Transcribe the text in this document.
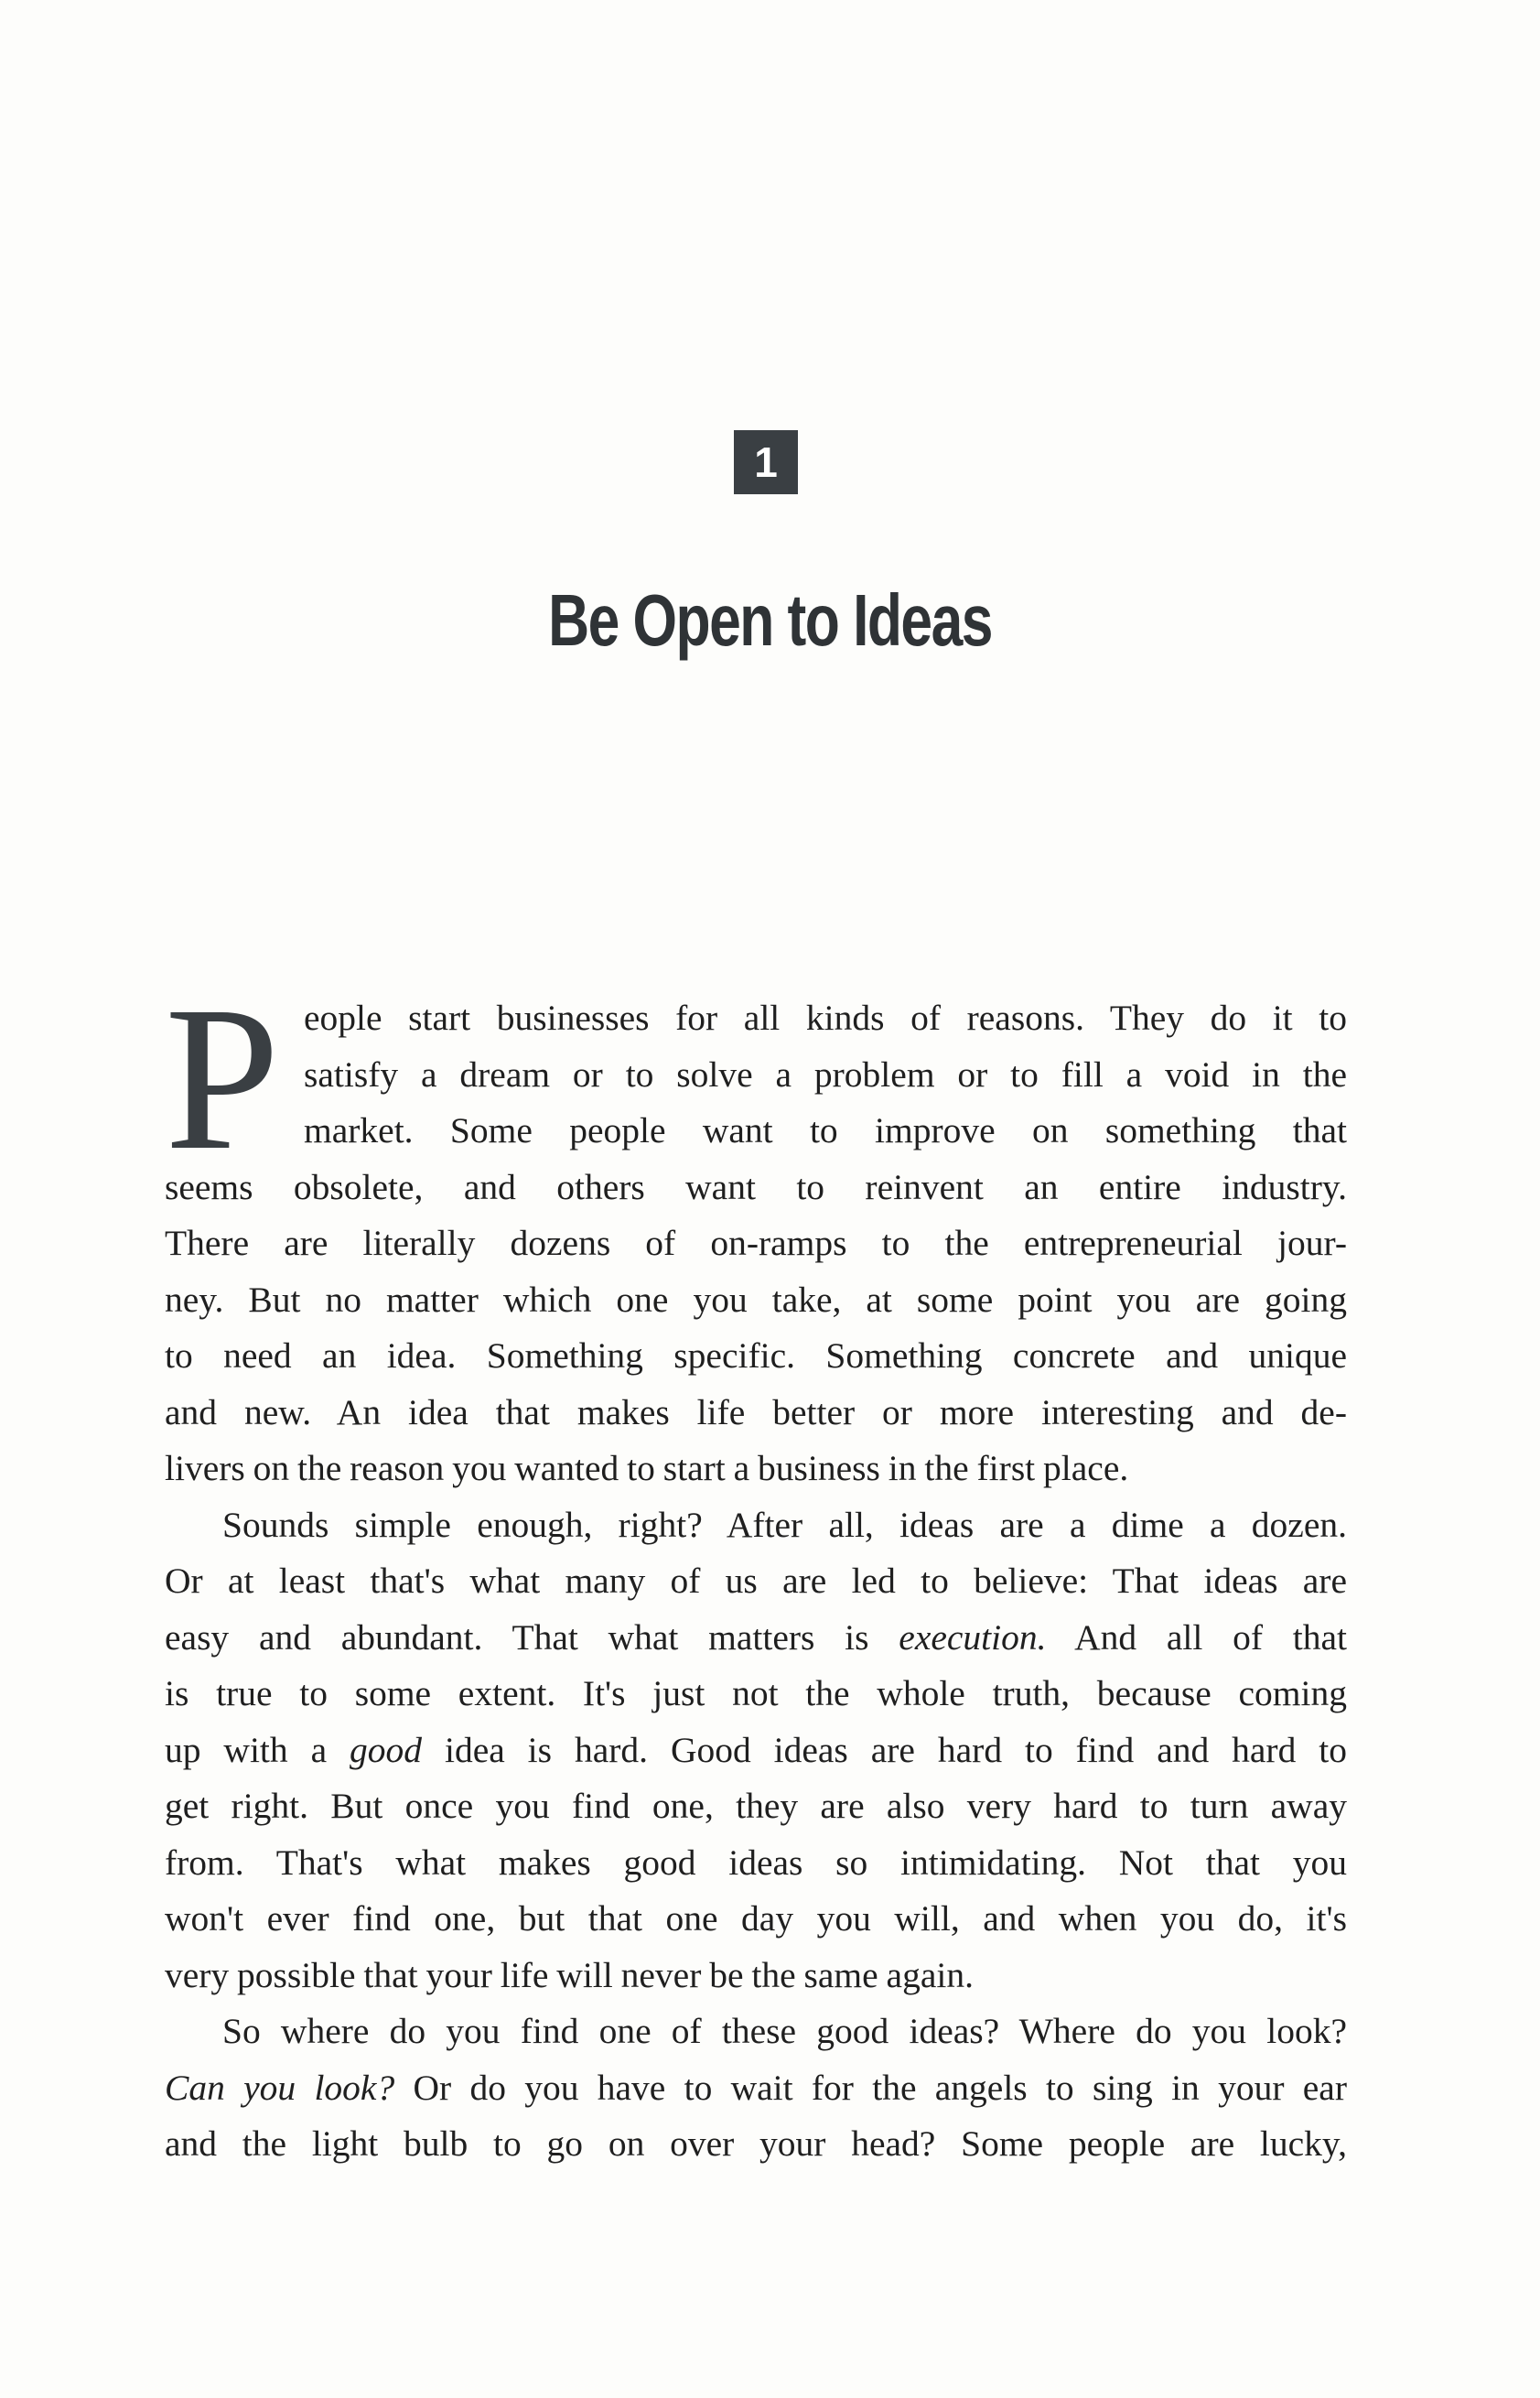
1
Be Open to Ideas
P eople start businesses for all kinds of reasons. They do it to
satisfy a dream or to solve a problem or to fill a void in the
market. Some people want to improve on something that
seems obsolete, and others want to reinvent an entire industry.
There are literally dozens of on-ramps to the entrepreneurial jour-
ney. But no matter which one you take, at some point you are going
to need an idea. Something specific. Something concrete and unique
and new. An idea that makes life better or more interesting and de-
livers on the reason you wanted to start a business in the first place.
Sounds simple enough, right? After all, ideas are a dime a dozen.
Or at least that's what many of us are led to believe: That ideas are
easy and abundant. That what matters is execution. And all of that
is true to some extent. It's just not the whole truth, because coming
up with a good idea is hard. Good ideas are hard to find and hard to
get right. But once you find one, they are also very hard to turn away
from. That's what makes good ideas so intimidating. Not that you
won't ever find one, but that one day you will, and when you do, it's
very possible that your life will never be the same again.
So where do you find one of these good ideas? Where do you look?
Can you look? Or do you have to wait for the angels to sing in your ear
and the light bulb to go on over your head? Some people are lucky,
